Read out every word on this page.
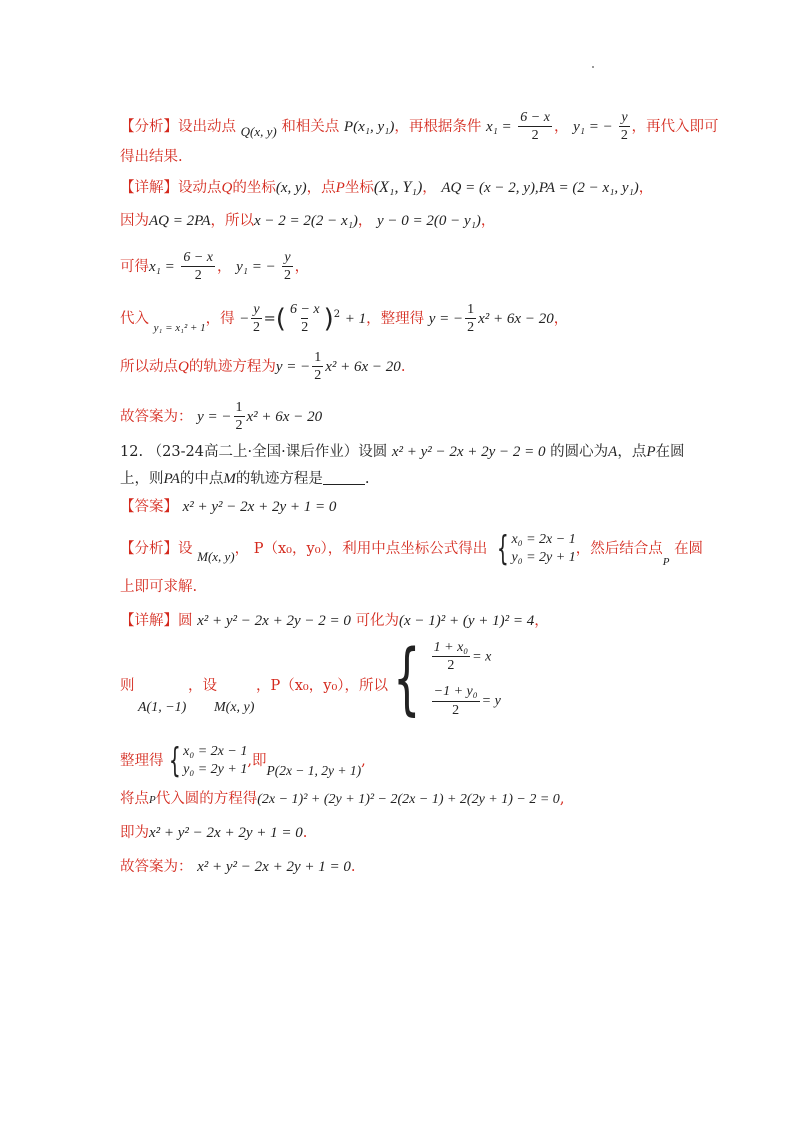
【分析】设出动点 Q(x, y) 和相关点 P(x₁, y₁)，再根据条件 $x_1 = \frac{6 - x}{2}$ ， y₁ = − $\frac{y}{2}$ ，再代入即可
得出结果.
【详解】设动点Q的坐标(x, y)，点P坐标(X₁, Y₁)， AQ = (x − 2, y),PA = (2 − x₁, y₁)，
因为AQ = 2PA，所以x − 2 = 2(2 − x₁)， y − 0 = 2(0 − y₁)，
可得$x_1 = \frac{6 - x}{2}$ ， y₁ = − $\frac{y}{2}$ ，
代入 $_{y_1 = x_1^2 + 1}$，得 − $\frac{y}{2}$ =( $\frac{6 - x}{2} )^2 + 1$，整理得 y = − $\frac{1}{2} x^2 + 6x - 20$，
所以动点Q的轨迹方程为y = − $\frac{1}{2} x^2 + 6x - 20$.
故答案为： y = − $\frac{1}{2} x^2 + 6x - 20$
12. （23-24高二上·全国·课后作业）设圆 x² + y² − 2x + 2y − 2 = 0 的圆心为A，点P在圆
上，则PA的中点M的轨迹方程是	.
【答案】 x² + y² − 2x + 2y + 1 = 0
【分析】设 M(x, y)， P（x₀，y₀），利用中点坐标公式得出 { x₀ = 2x − 1
y₀ = 2y + 1
，然后结合点$_P$ 在圆
上即可求解.
【详解】圆 x² + y² − 2x + 2y − 2 = 0 可化为(x − 1)² + (y + 1)² = 4，
则	，设	，P（x₀，y₀），所以
A(1, −1) M(x, y) { $\frac{\text{1 + x₀}}{2} = x$
$\frac{\text{−1 + y₀}}{2} = y$
整理得 { x₀ = 2x − 1
y₀ = 2y + 1
,即P(2x − 1, 2y + 1),
将点P代入圆的方程得(2x − 1)² + (2y + 1)² − 2(2x − 1) + 2(2y + 1) − 2 = 0,
即为x² + y² − 2x + 2y + 1 = 0.
故答案为： x² + y² − 2x + 2y + 1 = 0.
